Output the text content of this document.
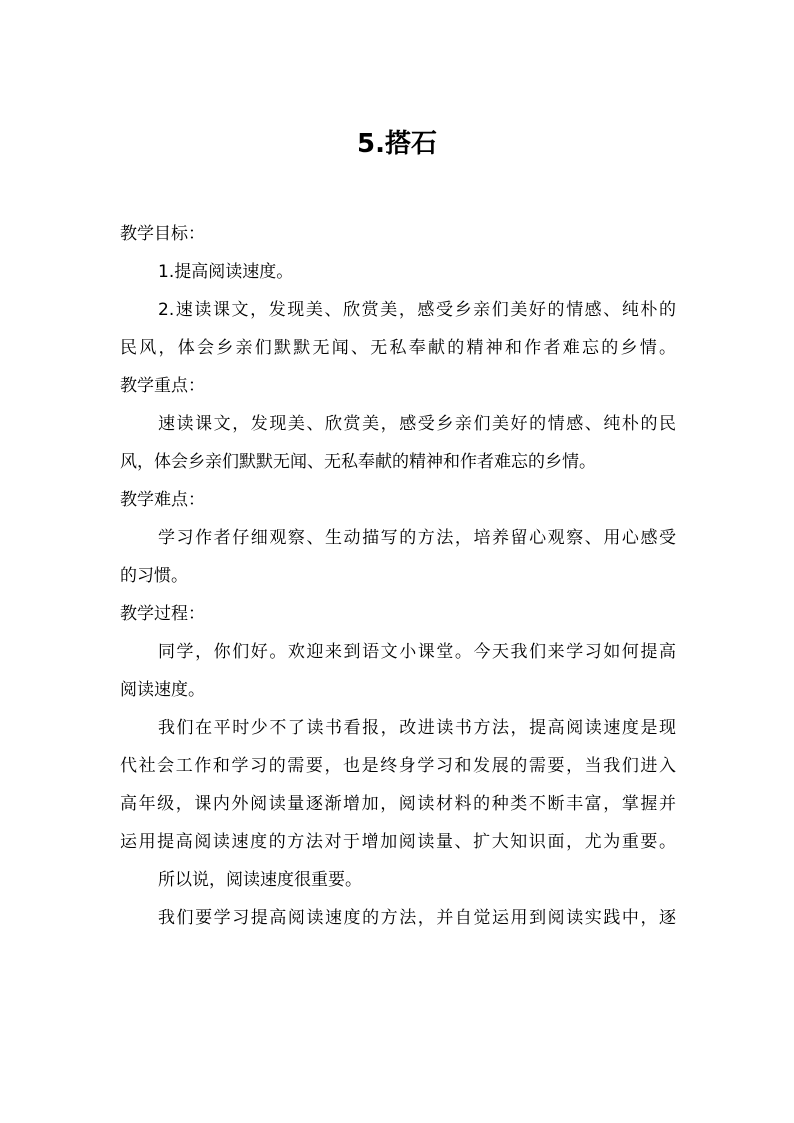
5.搭石

教学目标：

1.提高阅读速度。

2.速读课文，发现美、欣赏美，感受乡亲们美好的情感、纯朴的

民风，体会乡亲们默默无闻、无私奉献的精神和作者难忘的乡情。

教学重点：

速读课文，发现美、欣赏美，感受乡亲们美好的情感、纯朴的民

风，体会乡亲们默默无闻、无私奉献的精神和作者难忘的乡情。

教学难点：

学习作者仔细观察、生动描写的方法，培养留心观察、用心感受

的习惯。

教学过程：

同学，你们好。欢迎来到语文小课堂。今天我们来学习如何提高

阅读速度。

我们在平时少不了读书看报，改进读书方法，提高阅读速度是现

代社会工作和学习的需要，也是终身学习和发展的需要，当我们进入

高年级，课内外阅读量逐渐增加，阅读材料的种类不断丰富，掌握并

运用提高阅读速度的方法对于增加阅读量、扩大知识面，尤为重要。

所以说，阅读速度很重要。

我们要学习提高阅读速度的方法，并自觉运用到阅读实践中，逐
